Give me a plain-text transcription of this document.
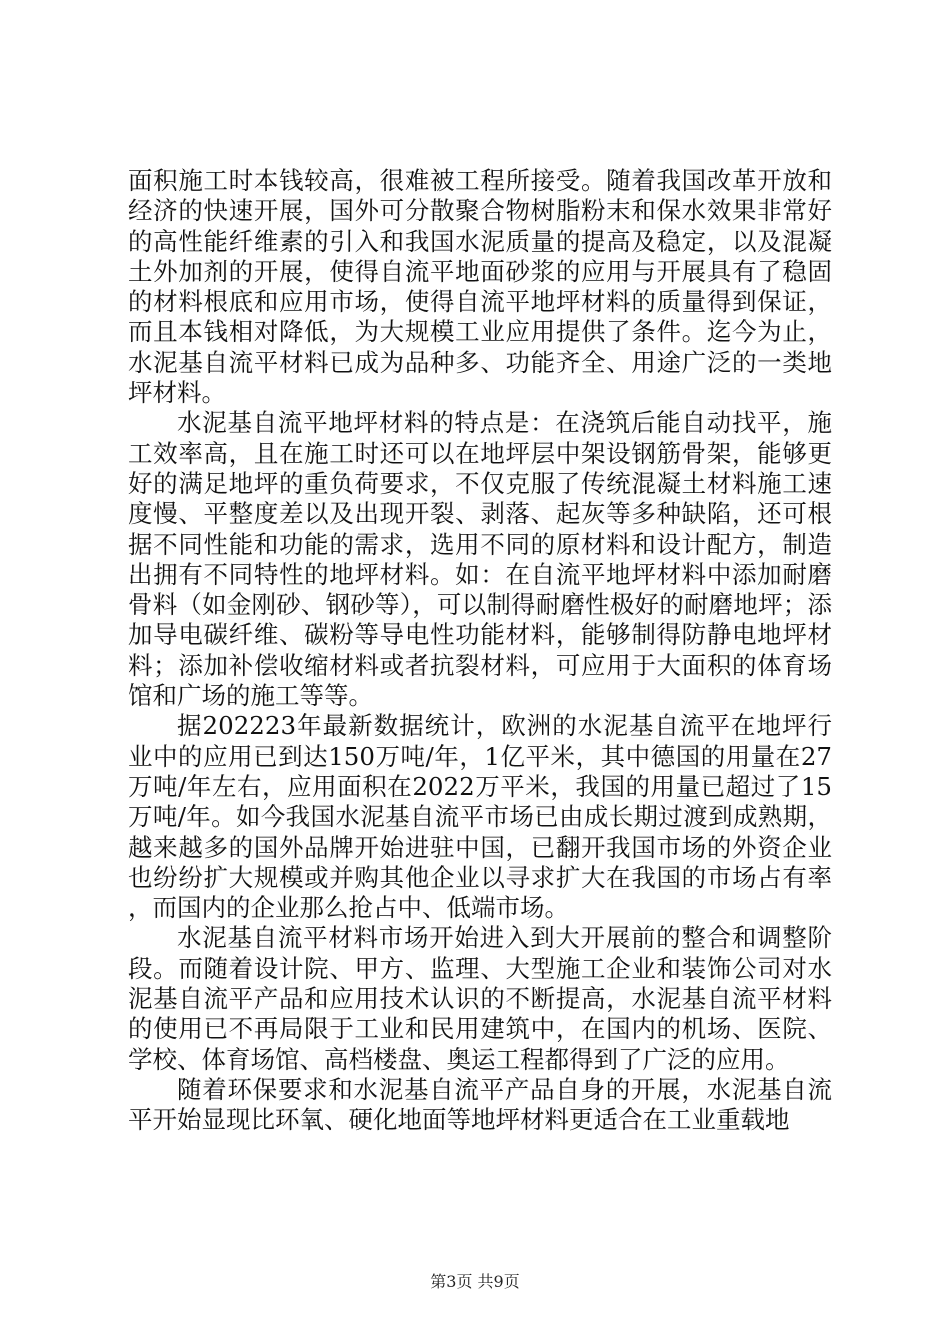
面积施工时本钱较高，很难被工程所接受。随着我国改革开放和经济的快速开展，国外可分散聚合物树脂粉末和保水效果非常好的高性能纤维素的引入和我国水泥质量的提高及稳定，以及混凝土外加剂的开展，使得自流平地面砂浆的应用与开展具有了稳固的材料根底和应用市场，使得自流平地坪材料的质量得到保证，而且本钱相对降低，为大规模工业应用提供了条件。迄今为止，水泥基自流平材料已成为品种多、功能齐全、用途广泛的一类地坪材料。

水泥基自流平地坪材料的特点是：在浇筑后能自动找平，施工效率高，且在施工时还可以在地坪层中架设钢筋骨架，能够更好的满足地坪的重负荷要求，不仅克服了传统混凝土材料施工速度慢、平整度差以及出现开裂、剥落、起灰等多种缺陷，还可根据不同性能和功能的需求，选用不同的原材料和设计配方，制造出拥有不同特性的地坪材料。如：在自流平地坪材料中添加耐磨骨料（如金刚砂、钢砂等），可以制得耐磨性极好的耐磨地坪；添加导电碳纤维、碳粉等导电性功能材料，能够制得防静电地坪材料；添加补偿收缩材料或者抗裂材料，可应用于大面积的体育场馆和广场的施工等等。

据202223年最新数据统计，欧洲的水泥基自流平在地坪行业中的应用已到达150万吨/年，1亿平米，其中德国的用量在27万吨/年左右，应用面积在2022万平米，我国的用量已超过了15万吨/年。如今我国水泥基自流平市场已由成长期过渡到成熟期，越来越多的国外品牌开始进驻中国，已翻开我国市场的外资企业也纷纷扩大规模或并购其他企业以寻求扩大在我国的市场占有率，而国内的企业那么抢占中、低端市场。

水泥基自流平材料市场开始进入到大开展前的整合和调整阶段。而随着设计院、甲方、监理、大型施工企业和装饰公司对水泥基自流平产品和应用技术认识的不断提高，水泥基自流平材料的使用已不再局限于工业和民用建筑中，在国内的机场、医院、学校、体育场馆、高档楼盘、奥运工程都得到了广泛的应用。

随着环保要求和水泥基自流平产品自身的开展，水泥基自流平开始显现比环氧、硬化地面等地坪材料更适合在工业重载地

第3页 共9页
